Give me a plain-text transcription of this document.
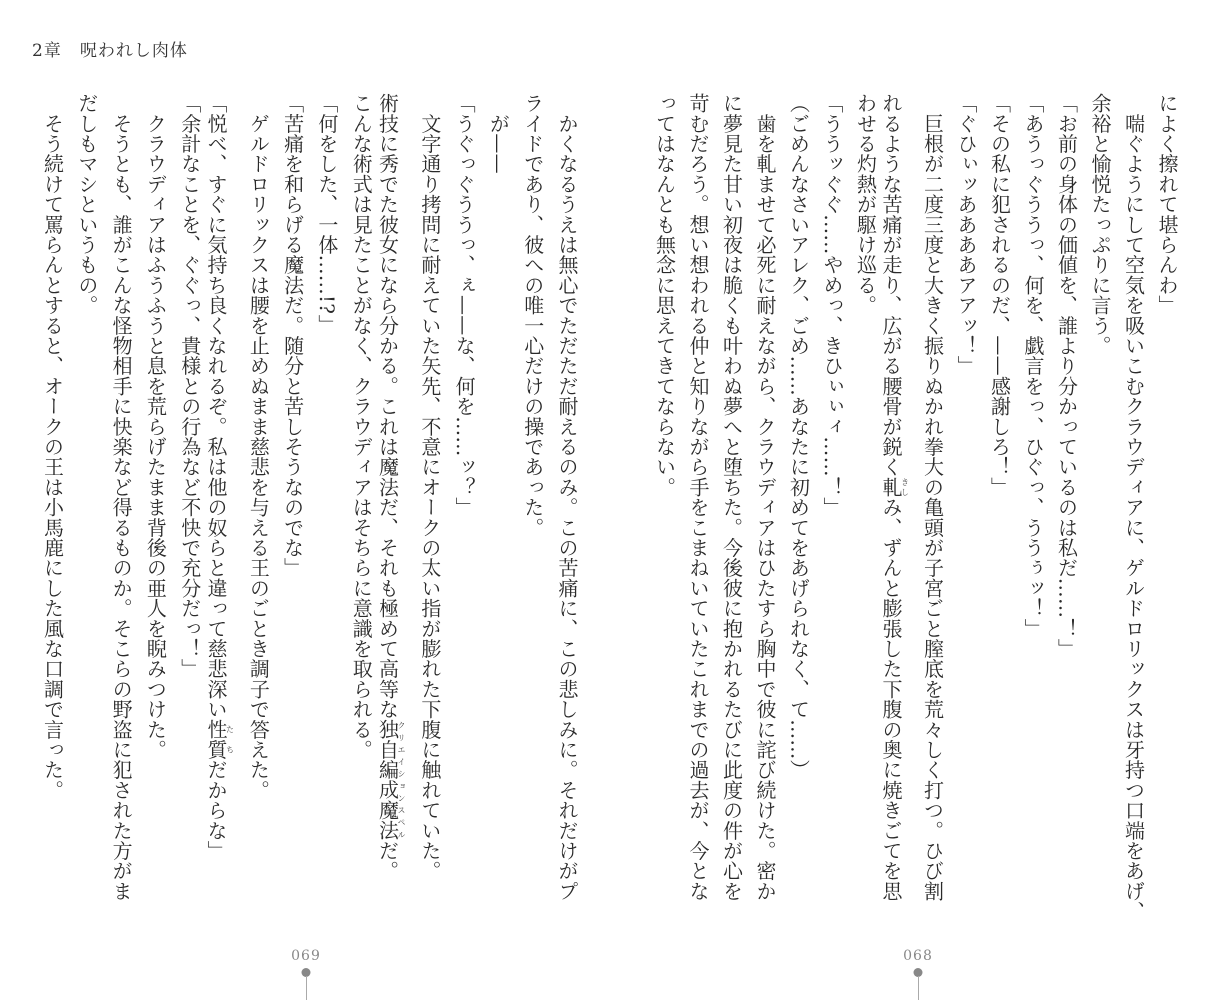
2章　呪われし肉体
によく擦れて堪らんわ」
　喘ぐようにして空気を吸いこむクラウディアに、ゲルドロリックスは牙持つ口端をあげ、
余裕と愉悦たっぷりに言う。
「お前の身体の価値を、誰より分かっているのは私だ……！」
「あうっぐううっ、何を、戯言をっ、ひぐっ、ううぅッ！」
「その私に犯されるのだ、——感謝しろ！」
「ぐひぃッああああアアッ！」
　巨根が二度三度と大きく振りぬかれ拳大の亀頭が子宮ごと膣底を荒々しく打つ。ひび割
れるような苦痛が走り、広がる腰骨が鋭く軋きしみ、ずんと膨張した下腹の奥に焼きごてを思
わせる灼熱が駆け巡る。
「ううッぐぐ……やめっ、きひぃぃィ……！」
（ごめんなさいアレク、ごめ……あなたに初めてをあげられなく、て……）
　歯を軋ませて必死に耐えながら、クラウディアはひたすら胸中で彼に詫び続けた。密か
に夢見た甘い初夜は脆くも叶わぬ夢へと堕ちた。今後彼に抱かれるたびに此度の件が心を
苛むだろう。想い想われる仲と知りながら手をこまねいていたこれまでの過去が、今とな
ってはなんとも無念に思えてきてならない。
　かくなるうえは無心でただただ耐えるのみ。この苦痛に、この悲しみに。それだけがプ
ライドであり、彼への唯一心だけの操であった。
　が——
「うぐっぐううっ、ぇ——な、何を……ッ？」
　文字通り拷問に耐えていた矢先、不意にオークの太い指が膨れた下腹に触れていた。
術技に秀でた彼女になら分かる。これは魔法だ、それも極めて高等な独自編成魔法クリエイションスペルだ。
こんな術式は見たことがなく、クラウディアはそちらに意識を取られる。
「何をした、一体……!?」
「苦痛を和らげる魔法だ。随分と苦しそうなのでな」
　ゲルドロリックスは腰を止めぬまま慈悲を与える王のごとき調子で答えた。
「悦べ、すぐに気持ち良くなれるぞ。私は他の奴らと違って慈悲深い性質たちだからな」
「余計なことを、ぐぐっ、貴様との行為など不快で充分だっ！」
　クラウディアはふうふうと息を荒らげたまま背後の亜人を睨みつけた。
　そうとも、誰がこんな怪物相手に快楽など得るものか。そこらの野盗に犯された方がま
だしもマシというもの。
　そう続けて罵らんとすると、オークの王は小馬鹿にした風な口調で言った。
068
069
